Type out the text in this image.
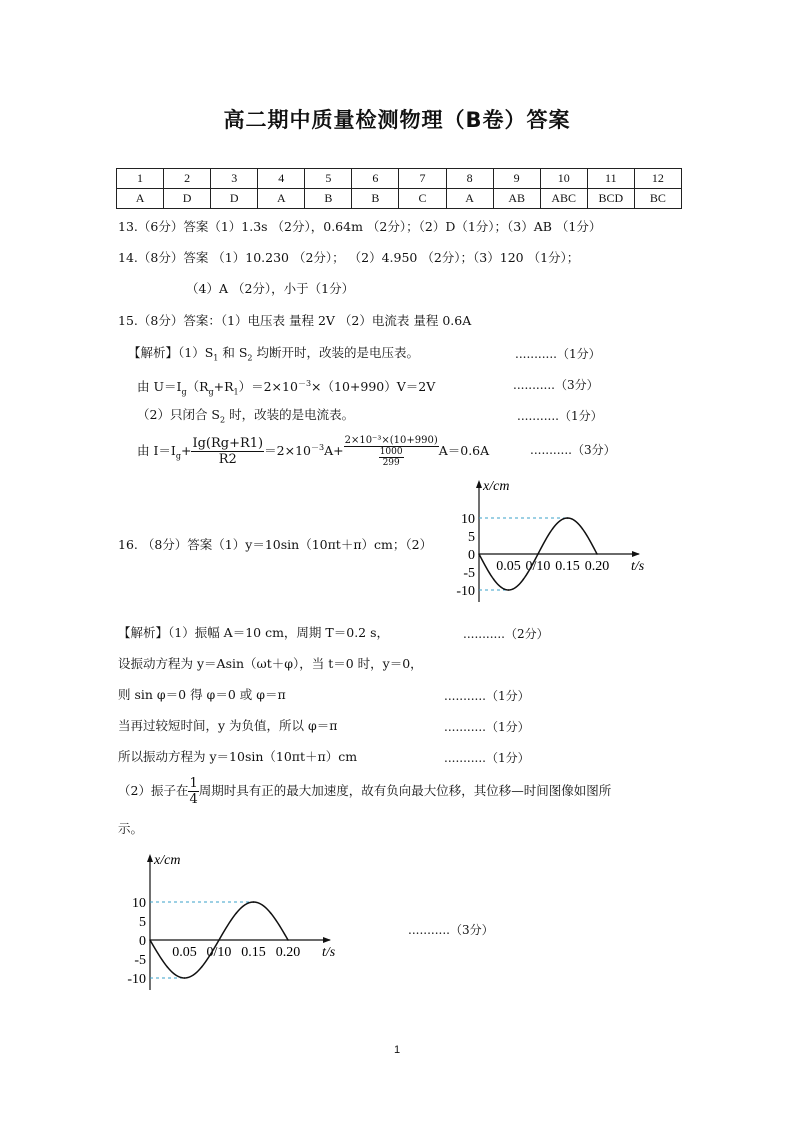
高二期中质量检测物理（B卷）答案
1	2	3	4	5	6	7	8	9	10	11	12
A	D	D	A	B	B	C	A	AB	ABC	BCD	BC
13.（6分）答案（1）1.3s （2分），0.64m （2分）；（2）D（1分）；（3）AB （1分）
14.（8分）答案 （1）10.230 （2分）； （2）4.950 （2分）；（3）120 （1分）；
（4）A （2分），小于（1分）
15.（8分）答案：（1）电压表 量程 2V （2）电流表 量程 0.6A
【解析】$(1)S_1$ 和 $S_2$ 均断开时，改装的是电压表。	...........（1分）
由 $U=I_g(R_g+R_1)=2\times 10^{-3}\times(10+990)V=2V$	...........（3分）
（2）只闭合 $S_2$ 时，改装的是电流表。	...........（1分）
由 $I=I_g+ \frac{Ig(Rg+R1)}{R2} =2\times 10^{-3}A+ \frac{\text{2×10⁻³×(10+990)}}{\frac{1000}{299}} A=0.6A$	...........（3分）
x/cm
t/s
10
5
0
-5
-10
0.05 0/10 0.15 0.20
16. （8分）答案（1）y＝10sin（10πt＋π）cm；（2）
【解析】（1）振幅 A＝10 cm，周期 T＝0.2 s，	...........（2分）
设振动方程为 y＝Asin（ωt＋φ），当 t＝0 时，y＝0，
则 sin φ＝0 得 φ＝0 或 φ＝π	...........（1分）
当再过较短时间，y 为负值，所以 φ＝π	...........（1分）
所以振动方程为 y＝10sin（10πt＋π）cm	...........（1分）
（2）振子在 $\frac{1}{4}$ 周期时具有正的最大加速度，故有负向最大位移，其位移—时间图像如图所
示。
x/cm
t/s
10
5
0
-5
-10
0.05 0/10 0.15 0.20
...........（3分）
1
